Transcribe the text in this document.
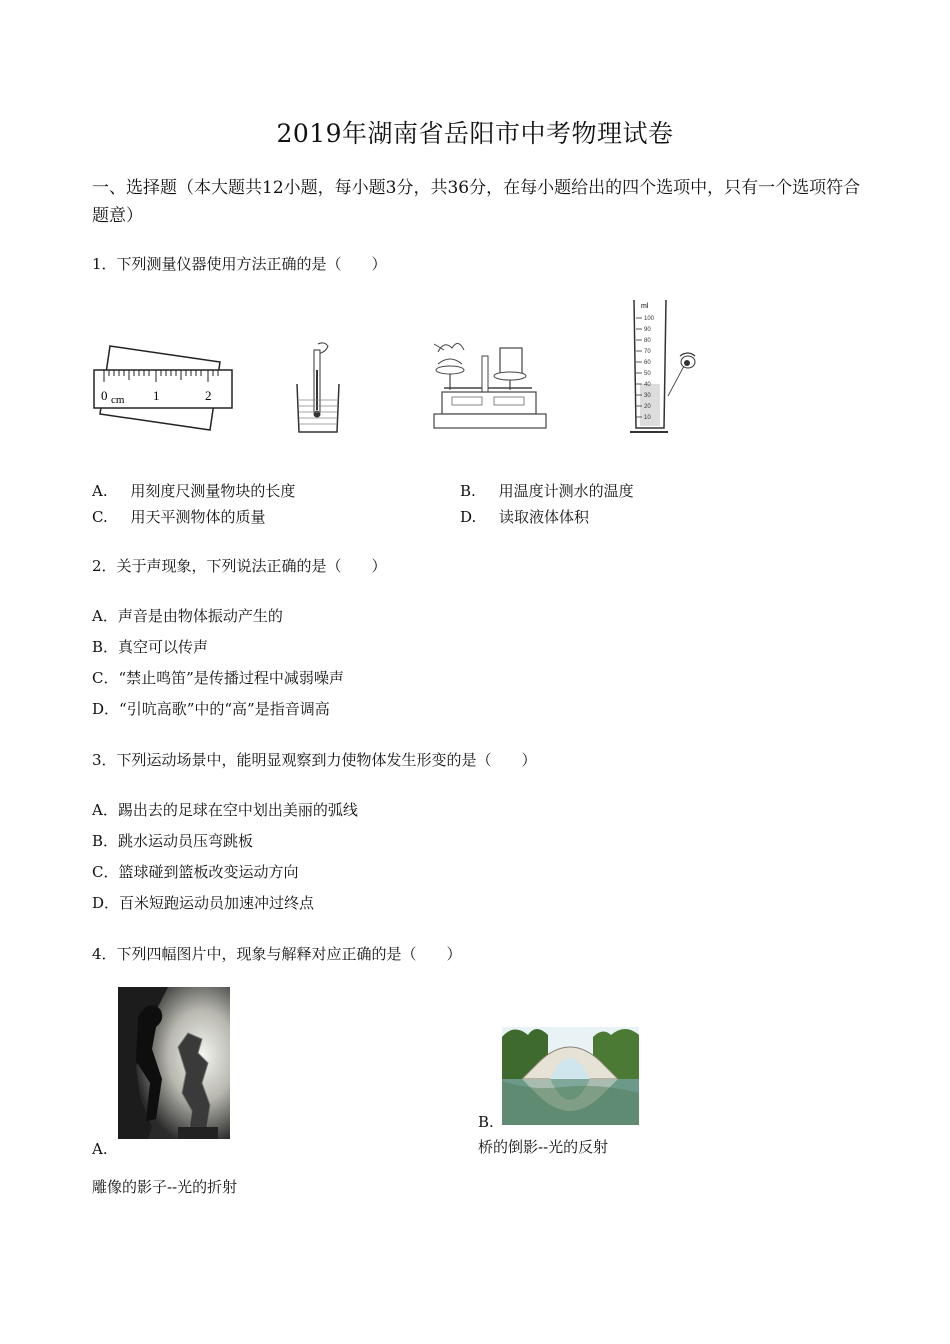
2019年湖南省岳阳市中考物理试卷
一、选择题（本大题共12小题，每小题3分，共36分，在每小题给出的四个选项中，只有一个选项符合题意）
1．下列测量仪器使用方法正确的是（　　）
0 cm 1	2
ml
100
90
80
70
60
50
40
30
20
10
A. 用刻度尺测量物块的长度	B. 用温度计测水的温度
C. 用天平测物体的质量	D. 读取液体体积
2．关于声现象，下列说法正确的是（　　）
A．声音是由物体振动产生的
B．真空可以传声
C．“禁止鸣笛”是传播过程中减弱噪声
D．“引吭高歌”中的“高”是指音调高
3．下列运动场景中，能明显观察到力使物体发生形变的是（　　）
A．踢出去的足球在空中划出美丽的弧线
B．跳水运动员压弯跳板
C．篮球碰到篮板改变运动方向
D．百米短跑运动员加速冲过终点
4．下列四幅图片中，现象与解释对应正确的是（　　）
A.
雕像的影子--光的折射
B.
桥的倒影--光的反射
